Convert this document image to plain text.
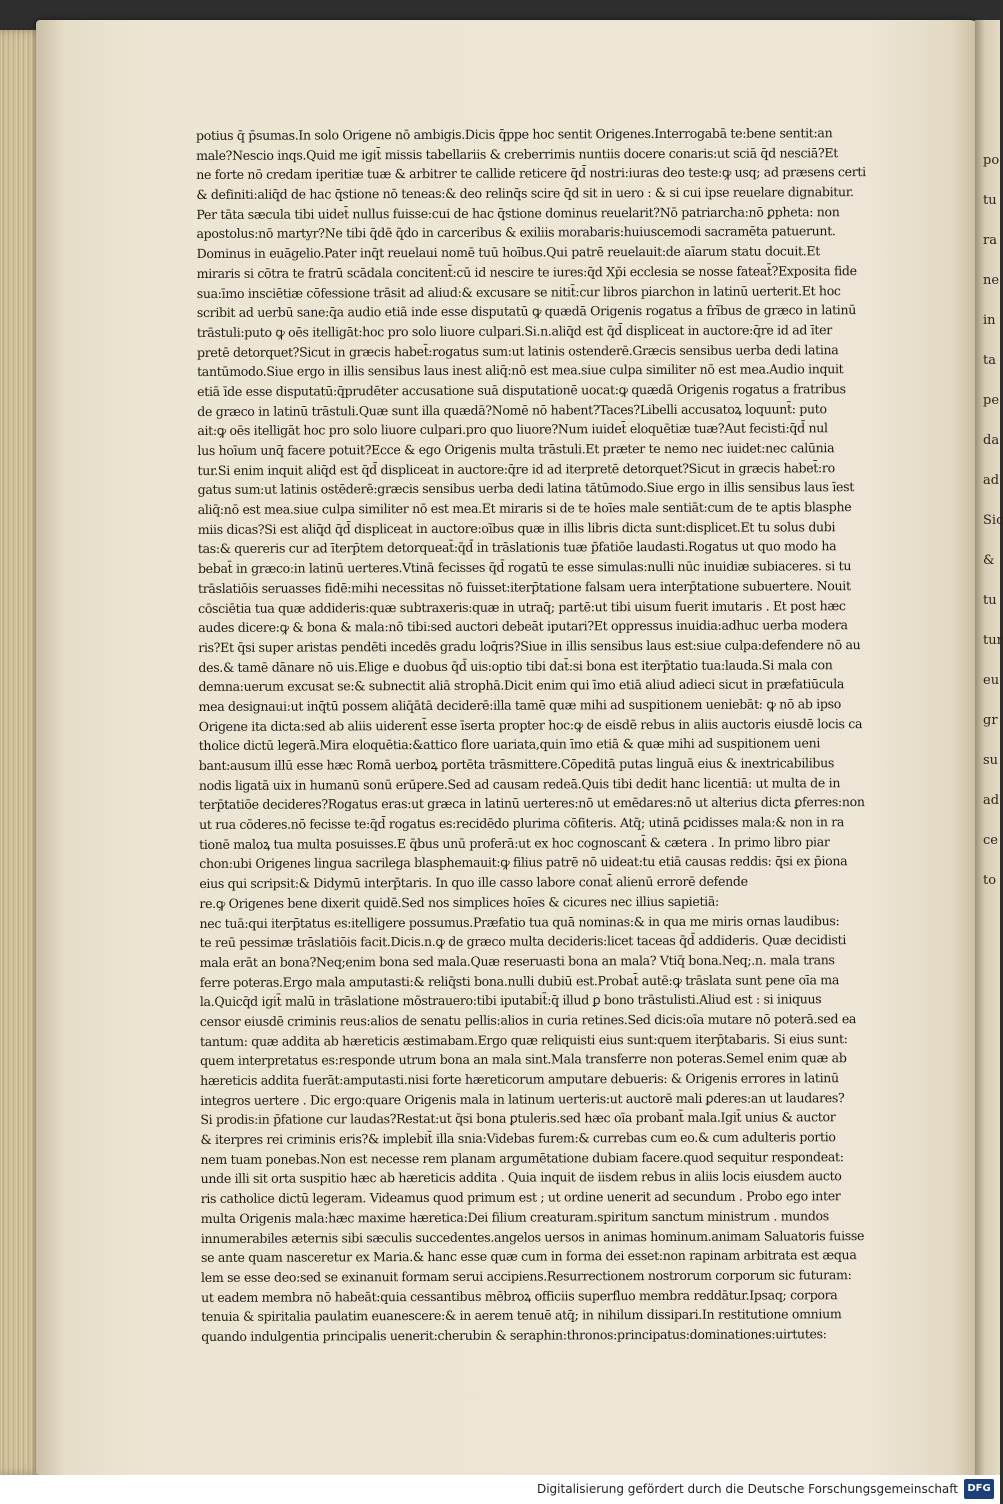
po
tu
ra
ne
in
ta
pe
da
ad
Sic
&
tu
tur
eu
gr
su
ad
ce
to
potius q̄ p̄sumas.In solo Origene nō ambigis.Dicis q̄ppe hoc sentit Origenes.Interrogabā te:bene sentit:an
male?Nescio inqs.Quid me igit̄ missis tabellariis & creberrimis nuntiis docere conaris:ut sciā q̄d nesciā?Et
ne forte nō credam iperitiæ tuæ & arbitrer te callide reticere q̄d̄ nostri:iuras deo teste:ꝙ usq; ad præsens certi
& definiti:aliq̄d de hac q̄stione nō teneas:& deo relinq̄s scire q̄d sit in uero : & si cui ipse reuelare dignabitur.
Per tāta sæcula tibi uidet̄ nullus fuisse:cui de hac q̄stione dominus reuelarit?Nō patriarcha:nō ꝑpheta: non
apostolus:nō martyr?Ne tibi q̄dē q̄do in carceribus & exiliis morabaris:huiuscemodi sacramēta patuerunt.
Dominus in euāgelio.Pater inq̄t reuelaui nomē tuū hoībus.Qui patrē reuelauit:de aīarum statu docuit.Et
miraris si cōtra te fratrū scādala concitent̄:cū id nescire te iures:q̄d Xp̄i ecclesia se nosse fateat̄?Exposita fide
sua:īmo insciētiæ cōfessione trāsit ad aliud:& excusare se nitit̄:cur libros piarchon in latinū uerterit.Et hoc
scribit ad uerbū sane:q̄a audio etiā inde esse disputatū ꝙ quædā Origenis rogatus a frībus de græco in latinū
trāstuli:puto ꝙ oēs itelligāt:hoc pro solo liuore culpari.Si.n.aliq̄d est q̄d̄ displiceat in auctore:q̄re id ad īter
pretē detorquet?Sicut in græcis habet̄:rogatus sum:ut latinis ostenderē.Græcis sensibus uerba dedi latina
tantūmodo.Siue ergo in illis sensibus laus inest aliq̄:nō est mea.siue culpa similiter nō est mea.Audio inquit
etiā īde esse disputatū:q̄prudēter accusatione suā disputationē uocat:ꝙ quædā Origenis rogatus a fratribus
de græco in latinū trāstuli.Quæ sunt illa quædā?Nomē nō habent?Taces?Libelli accusatoꝝ loquunt̄: puto
ait:ꝙ oēs itelligāt hoc pro solo liuore culpari.pro quo liuore?Num iuidet̄ eloquētiæ tuæ?Aut fecisti:q̄d̄ nul
lus hoīum unq̄ facere potuit?Ecce & ego Origenis multa trāstuli.Et præter te nemo nec iuidet:nec calūnia
tur.Si enim inquit aliq̄d est q̄d̄ displiceat in auctore:q̄re id ad iterpretē detorquet?Sicut in græcis habet̄:ro
gatus sum:ut latinis ostēderē:græcis sensibus uerba dedi latina tātūmodo.Siue ergo in illis sensibus laus īest
aliq̄:nō est mea.siue culpa similiter nō est mea.Et miraris si de te hoīes male sentiāt:cum de te aptis blasphe
miis dicas?Si est aliq̄d q̄d̄ displiceat in auctore:oībus quæ in illis libris dicta sunt:displicet.Et tu solus dubi
tas:& quereris cur ad īterp̄tem detorqueat̄:q̄d̄ in trāslationis tuæ p̄fatiōe laudasti.Rogatus ut quo modo ha
bebat̄ in græco:in latinū uerteres.Vtinā fecisses q̄d̄ rogatū te esse simulas:nulli nūc inuidiæ subiaceres. si tu
trāslatiōis seruasses fidē:mihi necessitas nō fuisset:iterp̄tatione falsam uera interp̄tatione subuertere. Nouit
cōsciētia tua quæ addideris:quæ subtraxeris:quæ in utraq̄; partē:ut tibi uisum fuerit imutaris . Et post hæc
audes dicere:ꝙ & bona & mala:nō tibi:sed auctori debeāt iputari?Et oppressus inuidia:adhuc uerba modera
ris?Et q̄si super aristas pendēti incedēs gradu loq̄ris?Siue in illis sensibus laus est:siue culpa:defendere nō au
des.& tamē dānare nō uis.Elige e duobus q̄d̄ uis:optio tibi dat̄:si bona est iterp̄tatio tua:lauda.Si mala con
demna:uerum excusat se:& subnectit aliā strophā.Dicit enim qui īmo etiā aliud adieci sicut in præfatiūcula
mea designaui:ut inq̄tū possem aliq̄ātā deciderē:illa tamē quæ mihi ad suspitionem ueniebāt: ꝙ nō ab ipso
Origene ita dicta:sed ab aliis uiderent̄ esse īserta propter hoc:ꝙ de eisdē rebus in aliis auctoris eiusdē locis ca
tholice dictū legerā.Mira eloquētia:&attico flore uariata,quin īmo etiā & quæ mihi ad suspitionem ueni
bant:ausum illū esse hæc Romā uerboꝝ portēta trāsmittere.Cōpeditā putas linguā eius & inextricabilibus
nodis ligatā uix in humanū sonū erūpere.Sed ad causam redeā.Quis tibi dedit hanc licentiā: ut multa de in
terp̄tatiōe decideres?Rogatus eras:ut græca in latinū uerteres:nō ut emēdares:nō ut alterius dicta ꝑferres:non
ut rua cōderes.nō fecisse te:q̄d̄ rogatus es:recidēdo plurima cōfiteris. Atq̄; utinā ꝑcidisses mala:& non in ra
tionē maloꝝ tua multa posuisses.E q̄bus unū proferā:ut ex hoc cognoscant̄ & cætera . In primo libro piar
chon:ubi Origenes lingua sacrilega blasphemauit:ꝙ filius patrē nō uideat:tu etiā causas reddis: q̄si ex p̄iona
eius qui scripsit:& Didymū interp̄taris. In quo ille casso labore conat̄ alienū errorē defende
re.ꝙ Origenes bene dixerit quidē.Sed nos simplices hoīes & cicures nec illius sapietiā:
nec tuā:qui iterp̄tatus es:itelligere possumus.Præfatio tua quā nominas:& in qua me miris ornas laudibus:
te reū pessimæ trāslatiōis facit.Dicis.n.ꝙ de græco multa decideris:licet taceas q̄d̄ addideris. Quæ decidisti
mala erāt an bona?Neq;enim bona sed mala.Quæ reseruasti bona an mala? Vtiq̄ bona.Neq;.n. mala trans
ferre poteras.Ergo mala amputasti:& reliq̄sti bona.nulli dubiū est.Probat̄ autē:ꝙ trāslata sunt pene oīa ma
la.Quicq̄d igit̄ malū in trāslatione mōstrauero:tibi iputabit̄:q̄ illud ꝑ bono trāstulisti.Aliud est : si iniquus
censor eiusdē criminis reus:alios de senatu pellis:alios in curia retines.Sed dicis:oīa mutare nō poterā.sed ea
tantum: quæ addita ab hæreticis æstimabam.Ergo quæ reliquisti eius sunt:quem iterp̄tabaris. Si eius sunt:
quem interpretatus es:responde utrum bona an mala sint.Mala transferre non poteras.Semel enim quæ ab
hæreticis addita fuerāt:amputasti.nisi forte hæreticorum amputare debueris: & Origenis errores in latinū
integros uertere . Dic ergo:quare Origenis mala in latinum uerteris:ut auctorē mali ꝑderes:an ut laudares?
Si prodis:in p̄fatione cur laudas?Restat:ut q̄si bona ꝑtuleris.sed hæc oīa probant̄ mala.Igit̄ unius & auctor
& iterpres rei criminis eris?& implebit̄ illa snia:Videbas furem:& currebas cum eo.& cum adulteris portio
nem tuam ponebas.Non est necesse rem planam argumētatione dubiam facere.quod sequitur respondeat:
unde illi sit orta suspitio hæc ab hæreticis addita . Quia inquit de iisdem rebus in aliis locis eiusdem aucto
ris catholice dictū legeram. Videamus quod primum est ; ut ordine uenerit ad secundum . Probo ego inter
multa Origenis mala:hæc maxime hæretica:Dei filium creaturam.spiritum sanctum ministrum . mundos
innumerabiles æternis sibi sæculis succedentes.angelos uersos in animas hominum.animam Saluatoris fuisse
se ante quam nasceretur ex Maria.& hanc esse quæ cum in forma dei esset:non rapinam arbitrata est æqua
lem se esse deo:sed se exinanuit formam serui accipiens.Resurrectionem nostrorum corporum sic futuram:
ut eadem membra nō habeāt:quia cessantibus mēbroꝝ officiis superfluo membra reddātur.Ipsaq; corpora
tenuia & spiritalia paulatim euanescere:& in aerem tenuē atq̄; in nihilum dissipari.In restitutione omnium
quando indulgentia principalis uenerit:cherubin & seraphin:thronos:principatus:dominationes:uirtutes:
Digitalisierung gefördert durch die Deutsche Forschungsgemeinschaft DFG
